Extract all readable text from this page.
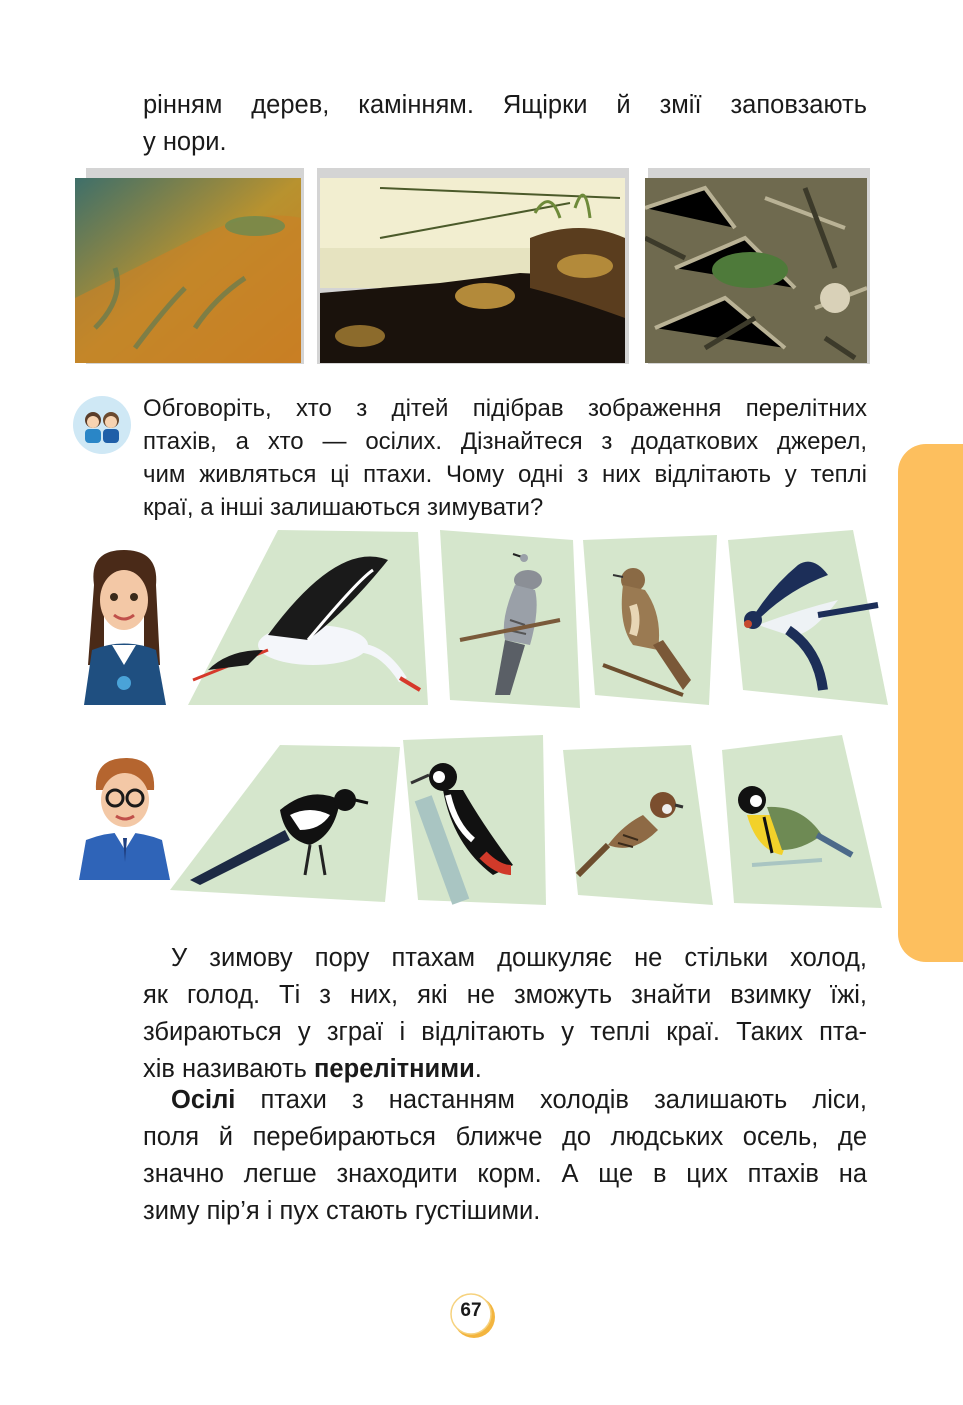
рінням дерев, камінням. Ящірки й змії заповзають
у нори.
Обговоріть, хто з дітей підібрав зображення перелітних
птахів, а хто — осілих. Дізнайтеся з додаткових джерел,
чим живляться ці птахи. Чому одні з них відлітають у теплі
краї, а інші залишаються зимувати?
У зимову пору птахам дошкуляє не стільки холод,
як голод. Ті з них, які не зможуть знайти взимку їжі,
збираються у зграї і відлітають у теплі краї. Таких пта-
хів називають перелітними.
Осілі птахи з настанням холодів залишають ліси,
поля й перебираються ближче до людських осель, де
значно легше знаходити корм. А ще в цих птахів на
зиму пір’я і пух стають густішими.
67
